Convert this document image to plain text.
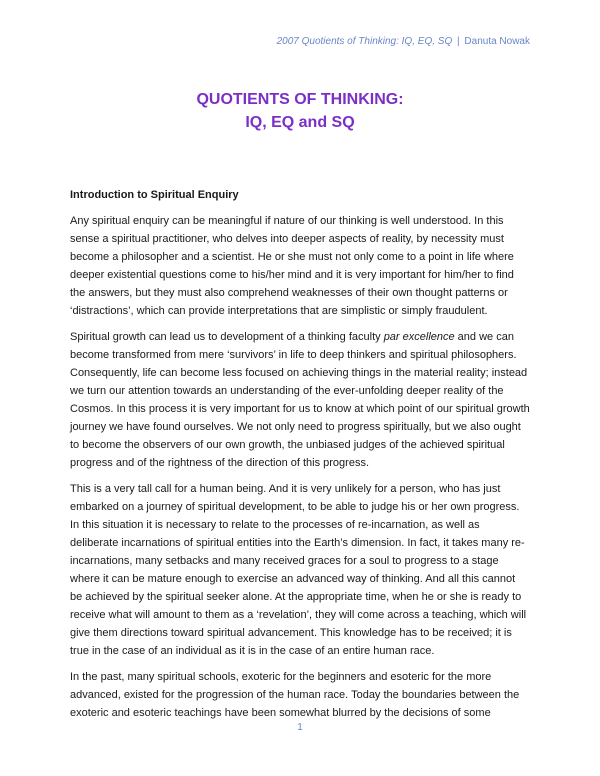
2007 Quotients of Thinking: IQ, EQ, SQ | Danuta Nowak
QUOTIENTS OF THINKING:
IQ, EQ and SQ

Introduction to Spiritual Enquiry

Any spiritual enquiry can be meaningful if nature of our thinking is well understood. In this sense a spiritual practitioner, who delves into deeper aspects of reality, by necessity must become a philosopher and a scientist. He or she must not only come to a point in life where deeper existential questions come to his/her mind and it is very important for him/her to find the answers, but they must also comprehend weaknesses of their own thought patterns or ‘distractions’, which can provide interpretations that are simplistic or simply fraudulent.

Spiritual growth can lead us to development of a thinking faculty par excellence and we can become transformed from mere ‘survivors’ in life to deep thinkers and spiritual philosophers. Consequently, life can become less focused on achieving things in the material reality; instead we turn our attention towards an understanding of the ever-unfolding deeper reality of the Cosmos. In this process it is very important for us to know at which point of our spiritual growth journey we have found ourselves. We not only need to progress spiritually, but we also ought to become the observers of our own growth, the unbiased judges of the achieved spiritual progress and of the rightness of the direction of this progress.

This is a very tall call for a human being. And it is very unlikely for a person, who has just embarked on a journey of spiritual development, to be able to judge his or her own progress. In this situation it is necessary to relate to the processes of re-incarnation, as well as deliberate incarnations of spiritual entities into the Earth’s dimension. In fact, it takes many re-incarnations, many setbacks and many received graces for a soul to progress to a stage where it can be mature enough to exercise an advanced way of thinking. And all this cannot be achieved by the spiritual seeker alone. At the appropriate time, when he or she is ready to receive what will amount to them as a ‘revelation’, they will come across a teaching, which will give them directions toward spiritual advancement. This knowledge has to be received; it is true in the case of an individual as it is in the case of an entire human race.

In the past, many spiritual schools, exoteric for the beginners and esoteric for the more advanced, existed for the progression of the human race. Today the boundaries between the exoteric and esoteric teachings have been somewhat blurred by the decisions of some

1
